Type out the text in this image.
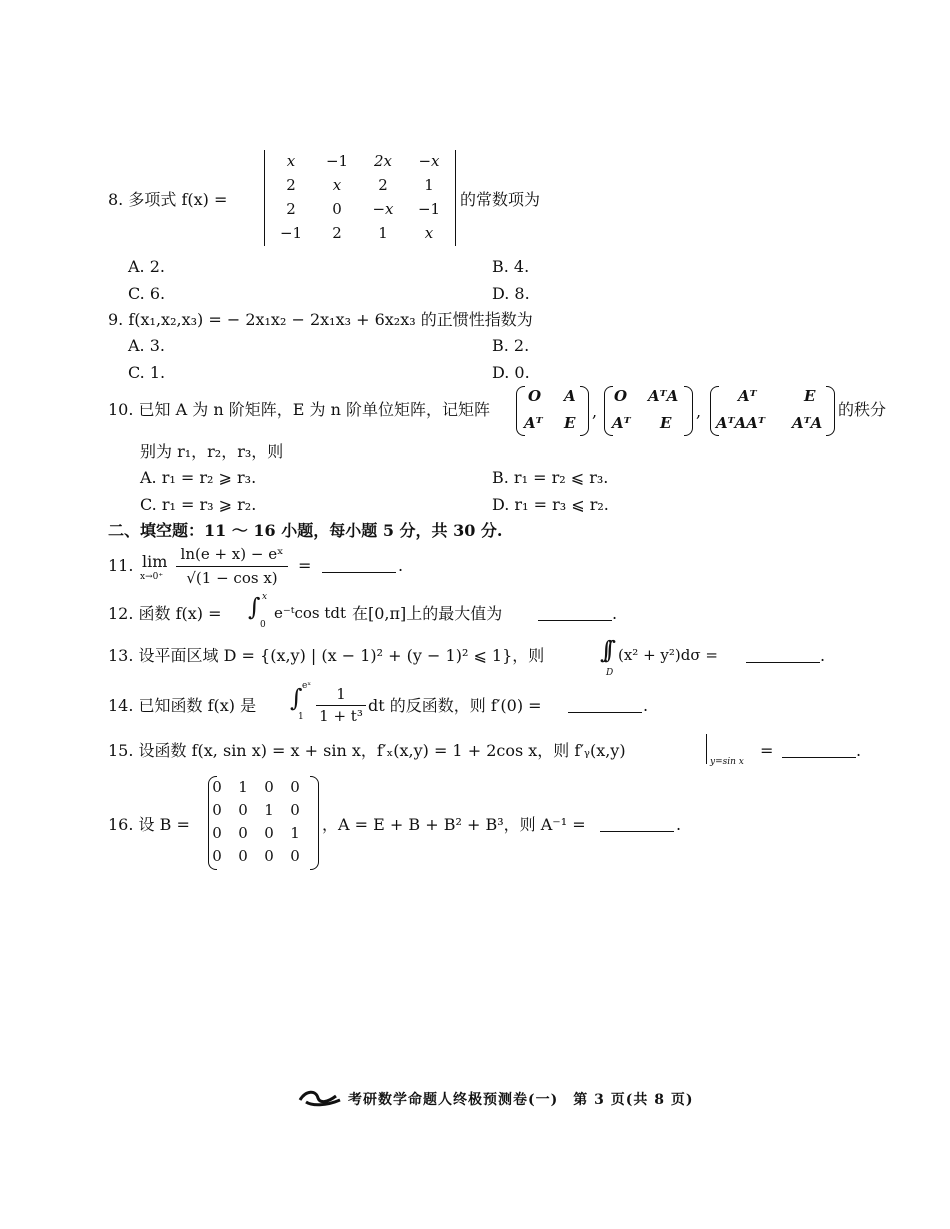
8. 多项式 f(x) =
x	−1	2x	−x
2	x	2	1
2	0	−x	−1
−1	2	1	x
的常数项为
A. 2.	B. 4.
C. 6.	D. 8.
9. f(x₁,x₂,x₃) = − 2x₁x₂ − 2x₁x₃ + 6x₂x₃ 的正惯性指数为
A. 3.	B. 2.
C. 1.	D. 0.
10. 已知 A 为 n 阶矩阵，E 为 n 阶单位矩阵，记矩阵
O A
Aᵀ E
,
O AᵀA
Aᵀ E
,
Aᵀ	E
AᵀAAᵀ AᵀA
的秩分
别为 r₁，r₂，r₃，则
A. r₁ = r₂ ⩾ r₃.	B. r₁ = r₂ ⩽ r₃.
C. r₁ = r₃ ⩾ r₂.	D. r₁ = r₃ ⩽ r₂.
二、填空题：11 ～ 16 小题，每小题 5 分，共 30 分.
11. lim
x→0⁺
ln(e + x) − eˣ
√(1 − cos x)
=	.
12. 函数 f(x) = ∫ x
0
e⁻ᵗcos tdt 在[0,π]上的最大值为	.
13. 设平面区域 D = {(x,y) | (x − 1)² + (y − 1)² ⩽ 1}，则 ∫∫
D
(x² + y²)dσ =	.
14. 已知函数 f(x) 是 ∫ eˣ
1
1
1 + t³
dt 的反函数，则 f′(0) =	.
15. 设函数 f(x, sin x) = x + sin x，f′ₓ(x,y) = 1 + 2cos x，则 f′ᵧ(x,y)
y=sin x
=	.
16. 设 B =
0	1	0	0
0	0	1	0
0	0	0	1
0	0	0	0
，A = E + B + B² + B³，则 A⁻¹ =	.
考研数学命题人终极预测卷(一)　第 3 页(共 8 页)
